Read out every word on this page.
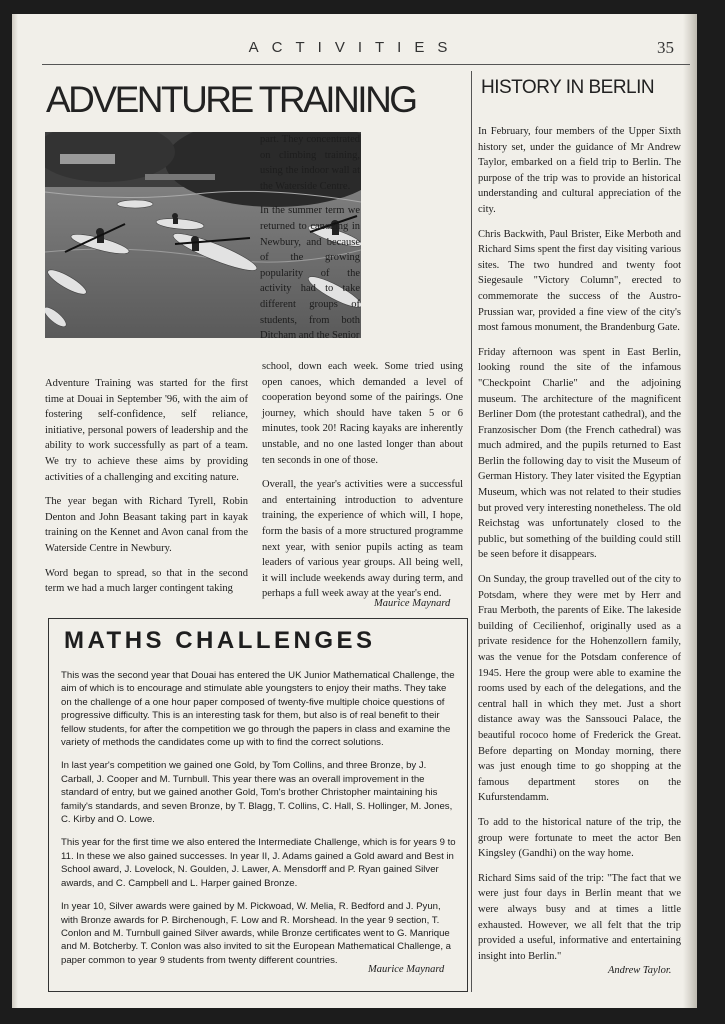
ACTIVITIES	35
ADVENTURE TRAINING

part. They concentrated on climbing training, using the indoor wall at the Waterside Centre.

In the summer term we returned to canoeing in Newbury, and because of the growing popularity of the activity had to take different groups of students, from both Ditcham and the Senior

Adventure Training was started for the first time at Douai in September '96, with the aim of fostering self-confidence, self reliance, initiative, personal powers of leadership and the ability to work successfully as part of a team. We try to achieve these aims by providing activities of a challenging and exciting nature.

The year began with Richard Tyrell, Robin Denton and John Beasant taking part in kayak training on the Kennet and Avon canal from the Waterside Centre in Newbury.

Word began to spread, so that in the second term we had a much larger contingent taking

school, down each week. Some tried using open canoes, which demanded a level of cooperation beyond some of the pairings. One journey, which should have taken 5 or 6 minutes, took 20! Racing kayaks are inherently unstable, and no one lasted longer than about ten seconds in one of those.

Overall, the year's activities were a successful and entertaining introduction to adventure training, the experience of which will, I hope, form the basis of a more structured programme next year, with senior pupils acting as team leaders of various year groups. All being well, it will include weekends away during term, and perhaps a full week away at the year's end.

Maurice Maynard
MATHS CHALLENGES

This was the second year that Douai has entered the UK Junior Mathematical Challenge, the aim of which is to encourage and stimulate able youngsters to enjoy their maths. They take on the challenge of a one hour paper composed of twenty-five multiple choice questions of progressive difficulty. This is an interesting task for them, but also is of real benefit to their fellow students, for after the competition we go through the papers in class and examine the variety of methods the candidates come up with to find the correct solutions.

In last year's competition we gained one Gold, by Tom Collins, and three Bronze, by J. Carball, J. Cooper and M. Turnbull. This year there was an overall improvement in the standard of entry, but we gained another Gold, Tom's brother Christopher maintaining his family's standards, and seven Bronze, by T. Blagg, T. Collins, C. Hall, S. Hollinger, M. Jones, C. Kirby and O. Lowe.

This year for the first time we also entered the Intermediate Challenge, which is for years 9 to 11. In these we also gained successes. In year II, J. Adams gained a Gold award and Best in School award, J. Lovelock, N. Goulden, J. Lawer, A. Mensdorff and P. Ryan gained Silver awards, and C. Campbell and L. Harper gained Bronze.

In year 10, Silver awards were gained by M. Pickwoad, W. Melia, R. Bedford and J. Pyun, with Bronze awards for P. Birchenough, F. Low and R. Morshead. In the year 9 section, T. Conlon and M. Turnbull gained Silver awards, while Bronze certificates went to G. Manrique and M. Botcherby. T. Conlon was also invited to sit the European Mathematical Challenge, a paper common to year 9 students from twenty different countries.

Maurice Maynard
HISTORY IN BERLIN

In February, four members of the Upper Sixth history set, under the guidance of Mr Andrew Taylor, embarked on a field trip to Berlin. The purpose of the trip was to provide an historical understanding and cultural appreciation of the city.

Chris Backwith, Paul Brister, Eike Merboth and Richard Sims spent the first day visiting various sites. The two hundred and twenty foot Siegesaule "Victory Column", erected to commemorate the success of the Austro-Prussian war, provided a fine view of the city's most famous monument, the Brandenburg Gate.

Friday afternoon was spent in East Berlin, looking round the site of the infamous "Checkpoint Charlie" and the adjoining museum. The architecture of the magnificent Berliner Dom (the protestant cathedral), and the Franzosischer Dom (the French cathedral) was much admired, and the pupils returned to East Berlin the following day to visit the Museum of German History. They later visited the Egyptian Museum, which was not related to their studies but proved very interesting nonetheless. The old Reichstag was unfortunately closed to the public, but something of the building could still be seen before it disappears.

On Sunday, the group travelled out of the city to Potsdam, where they were met by Herr and Frau Merboth, the parents of Eike. The lakeside building of Cecilienhof, originally used as a private residence for the Hohenzollern family, was the venue for the Potsdam conference of 1945. Here the group were able to examine the rooms used by each of the delegations, and the central hall in which they met. Just a short distance away was the Sanssouci Palace, the beautiful rococo home of Frederick the Great. Before departing on Monday morning, there was just enough time to go shopping at the famous department stores on the Kufurstendamm.

To add to the historical nature of the trip, the group were fortunate to meet the actor Ben Kingsley (Gandhi) on the way home.

Richard Sims said of the trip: "The fact that we were just four days in Berlin meant that we were always busy and at times a little exhausted. However, we all felt that the trip provided a useful, informative and entertaining insight into Berlin."

Andrew Taylor.
